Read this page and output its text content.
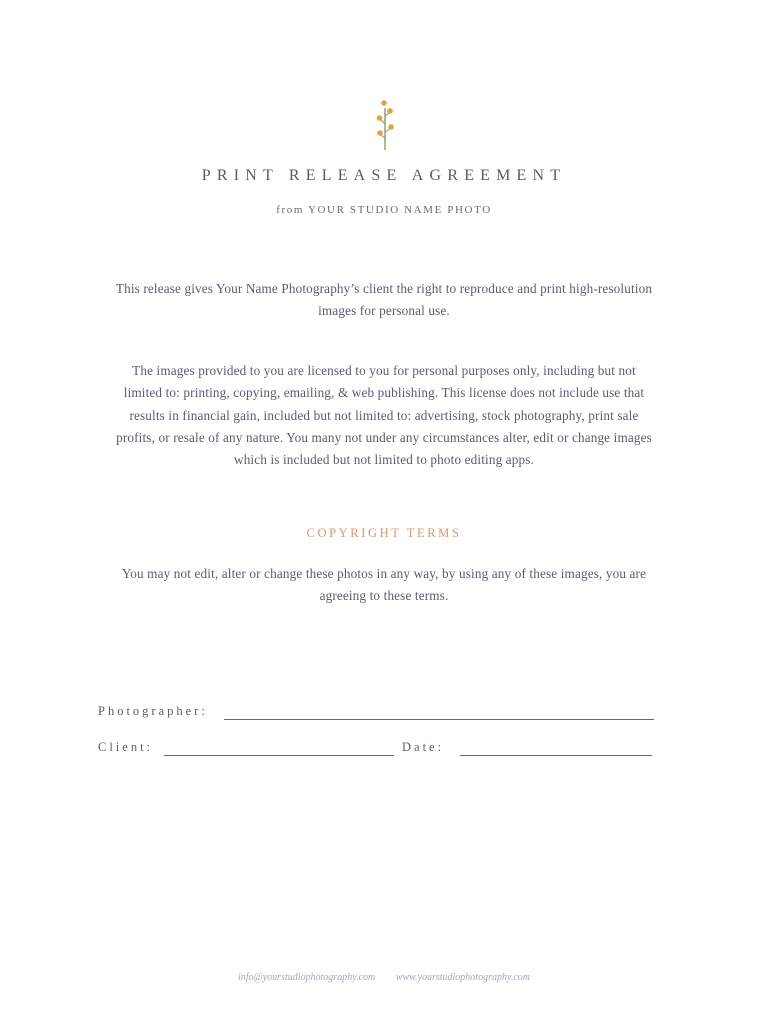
PRINT RELEASE AGREEMENT
from YOUR STUDIO NAME PHOTO
This release gives Your Name Photography’s client the right to reproduce and print high-resolution images for personal use.
The images provided to you are licensed to you for personal purposes only, including but not limited to: printing, copying, emailing, & web publishing. This license does not include use that results in financial gain, included but not limited to: advertising, stock photography, print sale profits, or resale of any nature. You many not under any circumstances alter, edit or change images which is included but not limited to photo editing apps.
COPYRIGHT TERMS
You may not edit, alter or change these photos in any way, by using any of these images, you are agreeing to these terms.
Photographer:
Client:	Date:
info@yourstudiophotography.com www.yourstudiophotography.com
